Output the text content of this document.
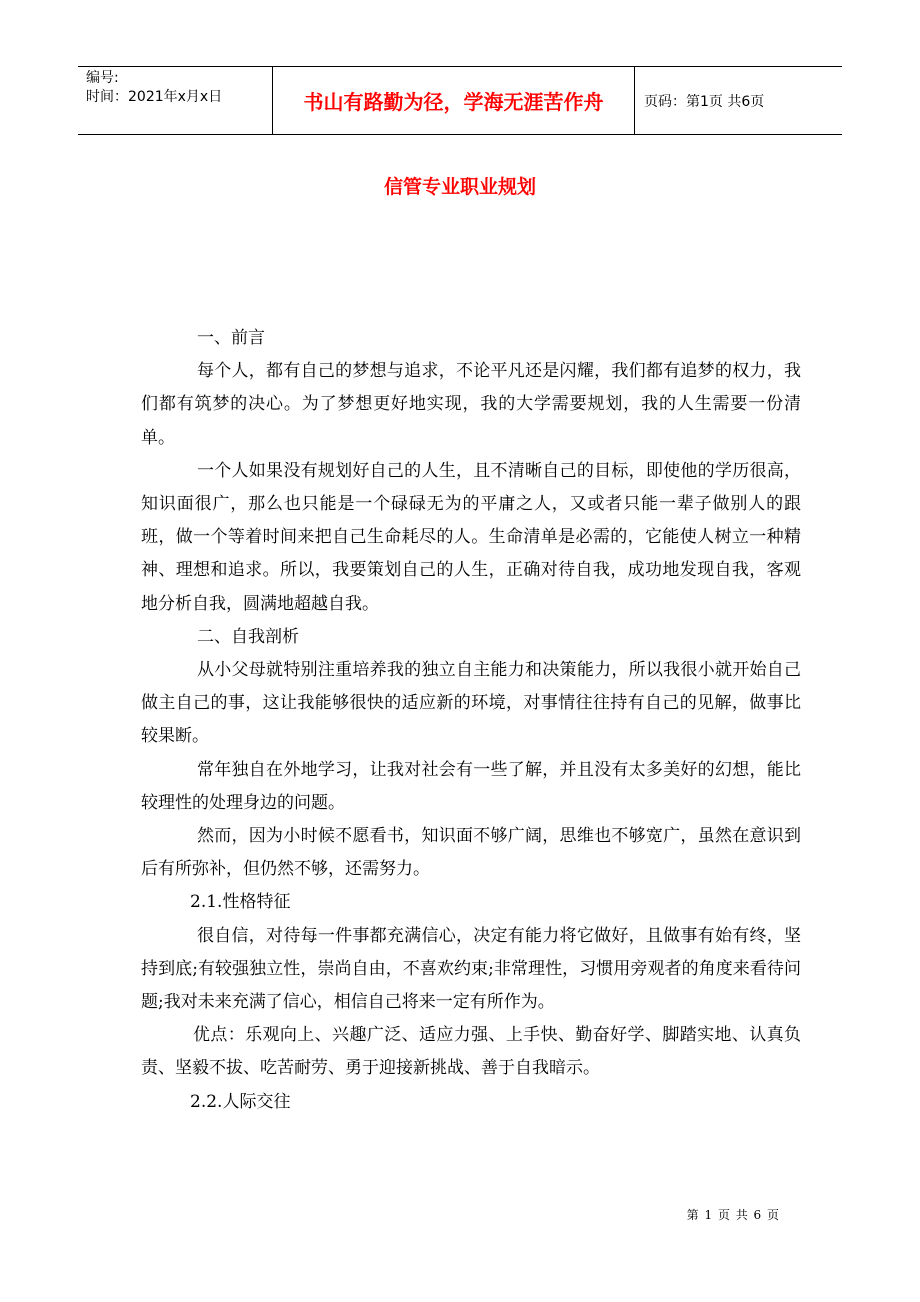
编号:
时间：2021年x月x日	书山有路勤为径，学海无涯苦作舟	页码：第1页 共6页
信管专业职业规划

一、前言

每个人，都有自己的梦想与追求，不论平凡还是闪耀，我们都有追梦的权力，我们都有筑梦的决心。为了梦想更好地实现，我的大学需要规划，我的人生需要一份清单。

一个人如果没有规划好自己的人生，且不清晰自己的目标，即使他的学历很高，知识面很广，那么也只能是一个碌碌无为的平庸之人，又或者只能一辈子做别人的跟班，做一个等着时间来把自己生命耗尽的人。生命清单是必需的，它能使人树立一种精神、理想和追求。所以，我要策划自己的人生，正确对待自我，成功地发现自我，客观地分析自我，圆满地超越自我。

二、自我剖析

从小父母就特别注重培养我的独立自主能力和决策能力，所以我很小就开始自己做主自己的事，这让我能够很快的适应新的环境，对事情往往持有自己的见解，做事比较果断。

常年独自在外地学习，让我对社会有一些了解，并且没有太多美好的幻想，能比较理性的处理身边的问题。

然而，因为小时候不愿看书，知识面不够广阔，思维也不够宽广，虽然在意识到后有所弥补，但仍然不够，还需努力。

2.1.性格特征

很自信，对待每一件事都充满信心，决定有能力将它做好，且做事有始有终，坚持到底;有较强独立性，崇尚自由，不喜欢约束;非常理性，习惯用旁观者的角度来看待问题;我对未来充满了信心，相信自己将来一定有所作为。

优点：乐观向上、兴趣广泛、适应力强、上手快、勤奋好学、脚踏实地、认真负责、坚毅不拔、吃苦耐劳、勇于迎接新挑战、善于自我暗示。

2.2.人际交往

第 1 页 共 6 页
